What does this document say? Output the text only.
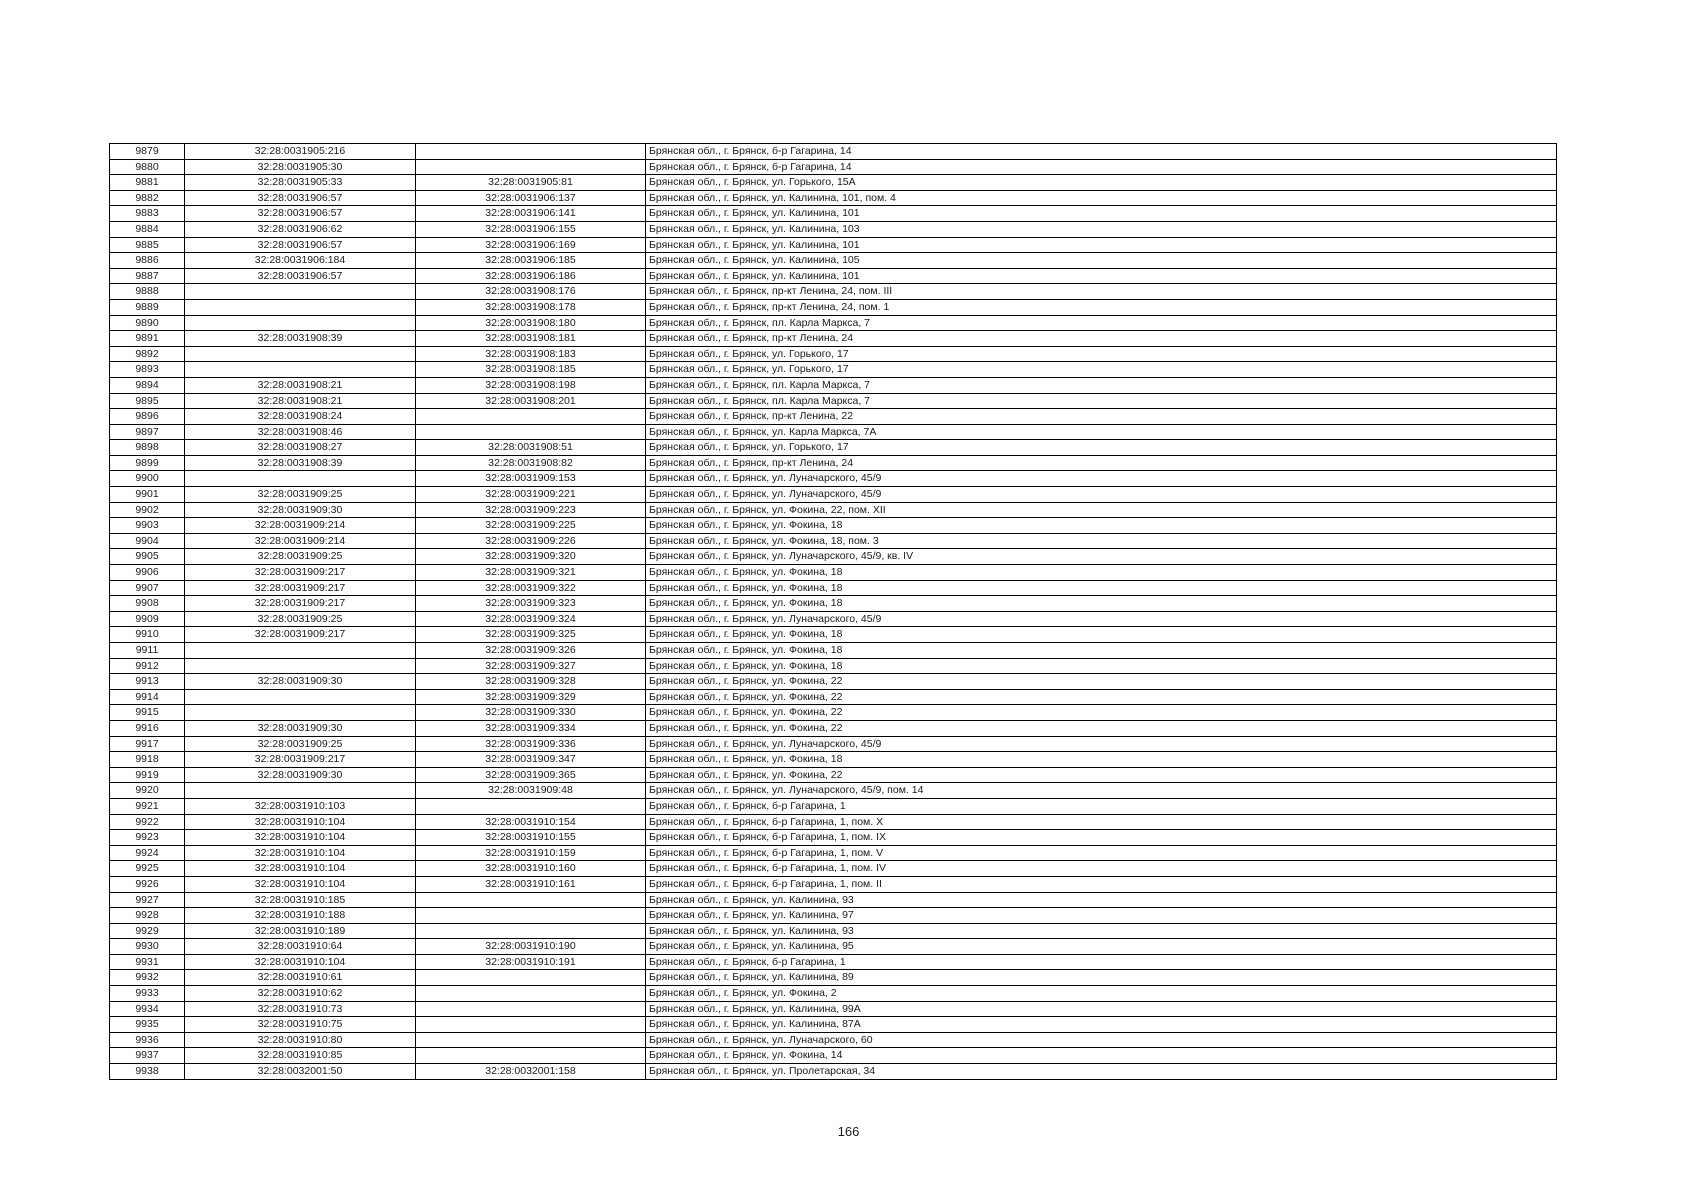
9879	32:28:0031905:216		Брянская обл., г. Брянск, б-р Гагарина, 14
9880	32:28:0031905:30		Брянская обл., г. Брянск, б-р Гагарина, 14
9881	32:28:0031905:33	32:28:0031905:81	Брянская обл., г. Брянск, ул. Горького, 15А
9882	32:28:0031906:57	32:28:0031906:137	Брянская обл., г. Брянск, ул. Калинина, 101, пом. 4
9883	32:28:0031906:57	32:28:0031906:141	Брянская обл., г. Брянск, ул. Калинина, 101
9884	32:28:0031906:62	32:28:0031906:155	Брянская обл., г. Брянск, ул. Калинина, 103
9885	32:28:0031906:57	32:28:0031906:169	Брянская обл., г. Брянск, ул. Калинина, 101
9886	32:28:0031906:184	32:28:0031906:185	Брянская обл., г. Брянск, ул. Калинина, 105
9887	32:28:0031906:57	32:28:0031906:186	Брянская обл., г. Брянск, ул. Калинина, 101
9888		32:28:0031908:176	Брянская обл., г. Брянск, пр-кт Ленина, 24, пом. III
9889		32:28:0031908:178	Брянская обл., г. Брянск, пр-кт Ленина, 24, пом. 1
9890		32:28:0031908:180	Брянская обл., г. Брянск, пл. Карла Маркса, 7
9891	32:28:0031908:39	32:28:0031908:181	Брянская обл., г. Брянск, пр-кт Ленина, 24
9892		32:28:0031908:183	Брянская обл., г. Брянск, ул. Горького, 17
9893		32:28:0031908:185	Брянская обл., г. Брянск, ул. Горького, 17
9894	32:28:0031908:21	32:28:0031908:198	Брянская обл., г. Брянск, пл. Карла Маркса, 7
9895	32:28:0031908:21	32:28:0031908:201	Брянская обл., г. Брянск, пл. Карла Маркса, 7
9896	32:28:0031908:24		Брянская обл., г. Брянск, пр-кт Ленина, 22
9897	32:28:0031908:46		Брянская обл., г. Брянск, ул. Карла Маркса, 7А
9898	32:28:0031908:27	32:28:0031908:51	Брянская обл., г. Брянск, ул. Горького, 17
9899	32:28:0031908:39	32:28:0031908:82	Брянская обл., г. Брянск, пр-кт Ленина, 24
9900		32:28:0031909:153	Брянская обл., г. Брянск, ул. Луначарского, 45/9
9901	32:28:0031909:25	32:28:0031909:221	Брянская обл., г. Брянск, ул. Луначарского, 45/9
9902	32:28:0031909:30	32:28:0031909:223	Брянская обл., г. Брянск, ул. Фокина, 22, пом. XII
9903	32:28:0031909:214	32:28:0031909:225	Брянская обл., г. Брянск, ул. Фокина, 18
9904	32:28:0031909:214	32:28:0031909:226	Брянская обл., г. Брянск, ул. Фокина, 18, пом. 3
9905	32:28:0031909:25	32:28:0031909:320	Брянская обл., г. Брянск, ул. Луначарского, 45/9, кв. IV
9906	32:28:0031909:217	32:28:0031909:321	Брянская обл., г. Брянск, ул. Фокина, 18
9907	32:28:0031909:217	32:28:0031909:322	Брянская обл., г. Брянск, ул. Фокина, 18
9908	32:28:0031909:217	32:28:0031909:323	Брянская обл., г. Брянск, ул. Фокина, 18
9909	32:28:0031909:25	32:28:0031909:324	Брянская обл., г. Брянск, ул. Луначарского, 45/9
9910	32:28:0031909:217	32:28:0031909:325	Брянская обл., г. Брянск, ул. Фокина, 18
9911		32:28:0031909:326	Брянская обл., г. Брянск, ул. Фокина, 18
9912		32:28:0031909:327	Брянская обл., г. Брянск, ул. Фокина, 18
9913	32:28:0031909:30	32:28:0031909:328	Брянская обл., г. Брянск, ул. Фокина, 22
9914		32:28:0031909:329	Брянская обл., г. Брянск, ул. Фокина, 22
9915		32:28:0031909:330	Брянская обл., г. Брянск, ул. Фокина, 22
9916	32:28:0031909:30	32:28:0031909:334	Брянская обл., г. Брянск, ул. Фокина, 22
9917	32:28:0031909:25	32:28:0031909:336	Брянская обл., г. Брянск, ул. Луначарского, 45/9
9918	32:28:0031909:217	32:28:0031909:347	Брянская обл., г. Брянск, ул. Фокина, 18
9919	32:28:0031909:30	32:28:0031909:365	Брянская обл., г. Брянск, ул. Фокина, 22
9920		32:28:0031909:48	Брянская обл., г. Брянск, ул. Луначарского, 45/9, пом. 14
9921	32:28:0031910:103		Брянская обл., г. Брянск, б-р Гагарина, 1
9922	32:28:0031910:104	32:28:0031910:154	Брянская обл., г. Брянск, б-р Гагарина, 1, пом. X
9923	32:28:0031910:104	32:28:0031910:155	Брянская обл., г. Брянск, б-р Гагарина, 1, пом. IX
9924	32:28:0031910:104	32:28:0031910:159	Брянская обл., г. Брянск, б-р Гагарина, 1, пом. V
9925	32:28:0031910:104	32:28:0031910:160	Брянская обл., г. Брянск, б-р Гагарина, 1, пом. IV
9926	32:28:0031910:104	32:28:0031910:161	Брянская обл., г. Брянск, б-р Гагарина, 1, пом. II
9927	32:28:0031910:185		Брянская обл., г. Брянск, ул. Калинина, 93
9928	32:28:0031910:188		Брянская обл., г. Брянск, ул. Калинина, 97
9929	32:28:0031910:189		Брянская обл., г. Брянск, ул. Калинина, 93
9930	32:28:0031910:64	32:28:0031910:190	Брянская обл., г. Брянск, ул. Калинина, 95
9931	32:28:0031910:104	32:28:0031910:191	Брянская обл., г. Брянск, б-р Гагарина, 1
9932	32:28:0031910:61		Брянская обл., г. Брянск, ул. Калинина, 89
9933	32:28:0031910:62		Брянская обл., г. Брянск, ул. Фокина, 2
9934	32:28:0031910:73		Брянская обл., г. Брянск, ул. Калинина, 99А
9935	32:28:0031910:75		Брянская обл., г. Брянск, ул. Калинина, 87А
9936	32:28:0031910:80		Брянская обл., г. Брянск, ул. Луначарского, 60
9937	32:28:0031910:85		Брянская обл., г. Брянск, ул. Фокина, 14
9938	32:28:0032001:50	32:28:0032001:158	Брянская обл., г. Брянск, ул. Пролетарская, 34
166
